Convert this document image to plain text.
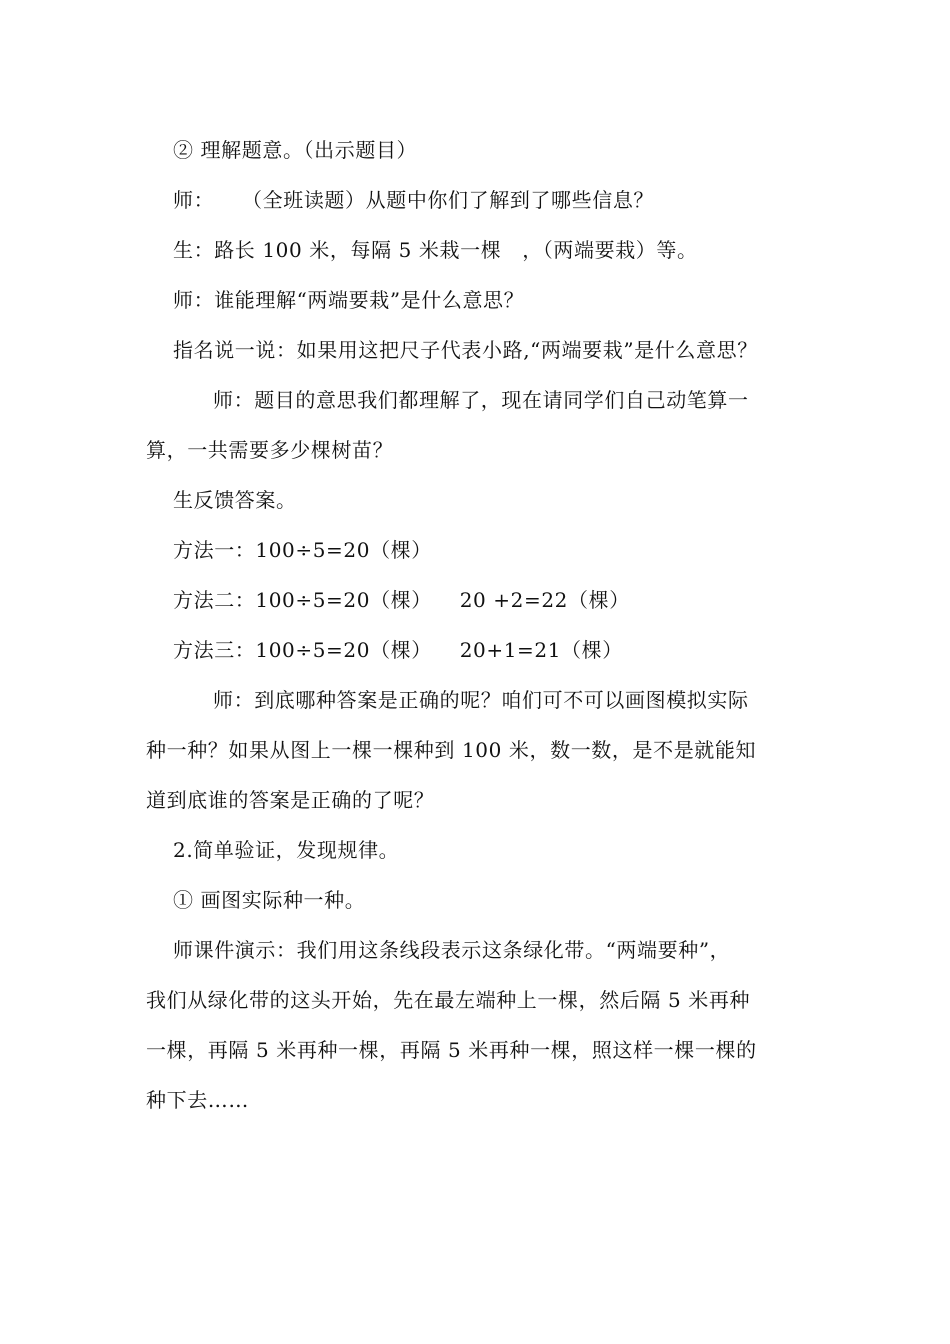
② 理解题意。（出示题目）
师：    （全班读题）从题中你们了解到了哪些信息？
生：路长 100 米，每隔 5 米栽一棵   ，（两端要栽）等。
师：谁能理解“两端要栽”是什么意思？
指名说一说：如果用这把尺子代表小路,“两端要栽”是什么意思？
师：题目的意思我们都理解了，现在请同学们自己动笔算一
算，一共需要多少棵树苗？
生反馈答案。
方法一：100÷5=20（棵）
方法二：100÷5=20（棵）    20 +2=22（棵）
方法三：100÷5=20（棵）    20+1=21（棵）
师：到底哪种答案是正确的呢？咱们可不可以画图模拟实际
种一种？如果从图上一棵一棵种到 100 米，数一数，是不是就能知
道到底谁的答案是正确的了呢？
2.简单验证，发现规律。
① 画图实际种一种。
师课件演示：我们用这条线段表示这条绿化带。“两端要种”，
我们从绿化带的这头开始，先在最左端种上一棵，然后隔 5 米再种
一棵，再隔 5 米再种一棵，再隔 5 米再种一棵，照这样一棵一棵的
种下去……
